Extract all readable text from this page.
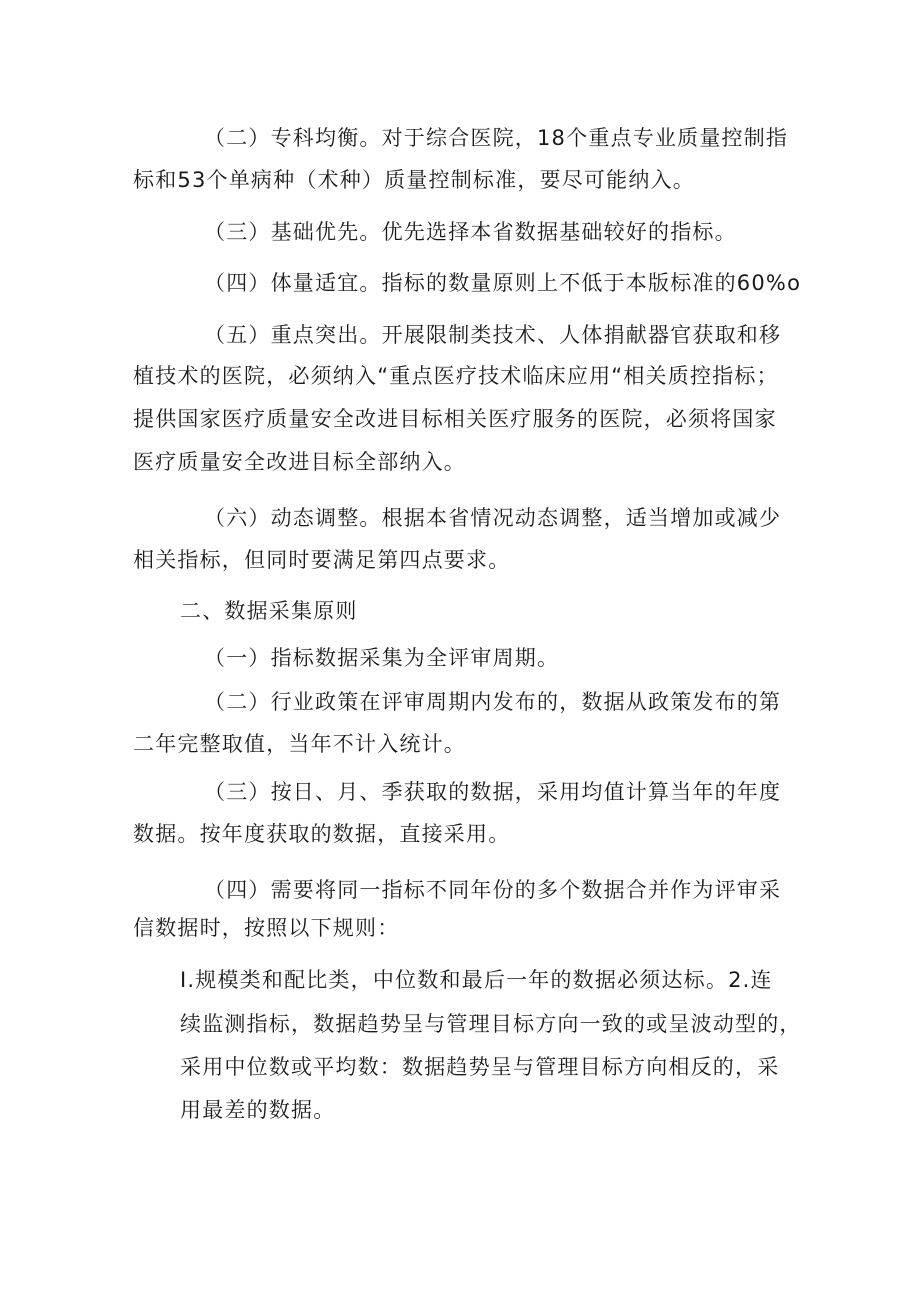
（二）专科均衡。对于综合医院，18个重点专业质量控制指
标和53个单病种（术种）质量控制标准，要尽可能纳入。
（三）基础优先。优先选择本省数据基础较好的指标。
（四）体量适宜。指标的数量原则上不低于本版标准的60%o
（五）重点突出。开展限制类技术、人体捐献器官获取和移
植技术的医院，必须纳入“重点医疗技术临床应用“相关质控指标；
提供国家医疗质量安全改进目标相关医疗服务的医院，必须将国家
医疗质量安全改进目标全部纳入。
（六）动态调整。根据本省情况动态调整，适当增加或减少
相关指标，但同时要满足第四点要求。
二、数据采集原则
（一）指标数据采集为全评审周期。
（二）行业政策在评审周期内发布的，数据从政策发布的第
二年完整取值，当年不计入统计。
（三）按日、月、季获取的数据，采用均值计算当年的年度
数据。按年度获取的数据，直接采用。
（四）需要将同一指标不同年份的多个数据合并作为评审采
信数据时，按照以下规则：
I.规模类和配比类，中位数和最后一年的数据必须达标。2.连
续监测指标，数据趋势呈与管理目标方向一致的或呈波动型的，
采用中位数或平均数：数据趋势呈与管理目标方向相反的，采
用最差的数据。
